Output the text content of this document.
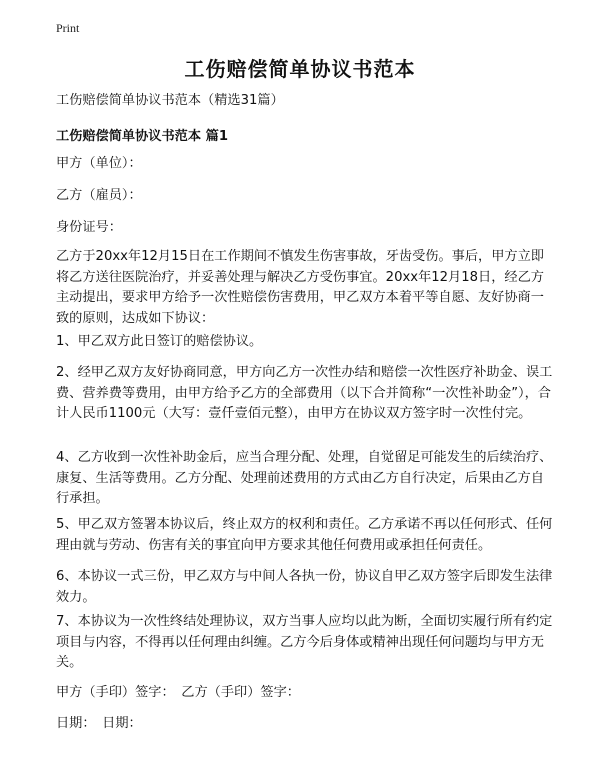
Print
工伤赔偿简单协议书范本

工伤赔偿简单协议书范本（精选31篇）

工伤赔偿简单协议书范本 篇1

甲方（单位）：

乙方（雇员）：

身份证号：

乙方于20xx年12月15日在工作期间不慎发生伤害事故，牙齿受伤。事后，甲方立即将乙方送往医院治疗，并妥善处理与解决乙方受伤事宜。20xx年12月18日，经乙方主动提出，要求甲方给予一次性赔偿伤害费用，甲乙双方本着平等自愿、友好协商一致的原则，达成如下协议：

1、甲乙双方此日签订的赔偿协议。

2、经甲乙双方友好协商同意，甲方向乙方一次性办结和赔偿一次性医疗补助金、误工费、营养费等费用，由甲方给予乙方的全部费用（以下合并简称“一次性补助金”），合计人民币1100元（大写：壹仟壹佰元整），由甲方在协议双方签字时一次性付完。

4、乙方收到一次性补助金后，应当合理分配、处理，自觉留足可能发生的后续治疗、康复、生活等费用。乙方分配、处理前述费用的方式由乙方自行决定，后果由乙方自行承担。

5、甲乙双方签署本协议后，终止双方的权利和责任。乙方承诺不再以任何形式、任何理由就与劳动、伤害有关的事宜向甲方要求其他任何费用或承担任何责任。

6、本协议一式三份，甲乙双方与中间人各执一份，协议自甲乙双方签字后即发生法律效力。

7、本协议为一次性终结处理协议，双方当事人应均以此为断，全面切实履行所有约定项目与内容，不得再以任何理由纠缠。乙方今后身体或精神出现任何问题均与甲方无关。

甲方（手印）签字：　乙方（手印）签字：

日期：　日期：
